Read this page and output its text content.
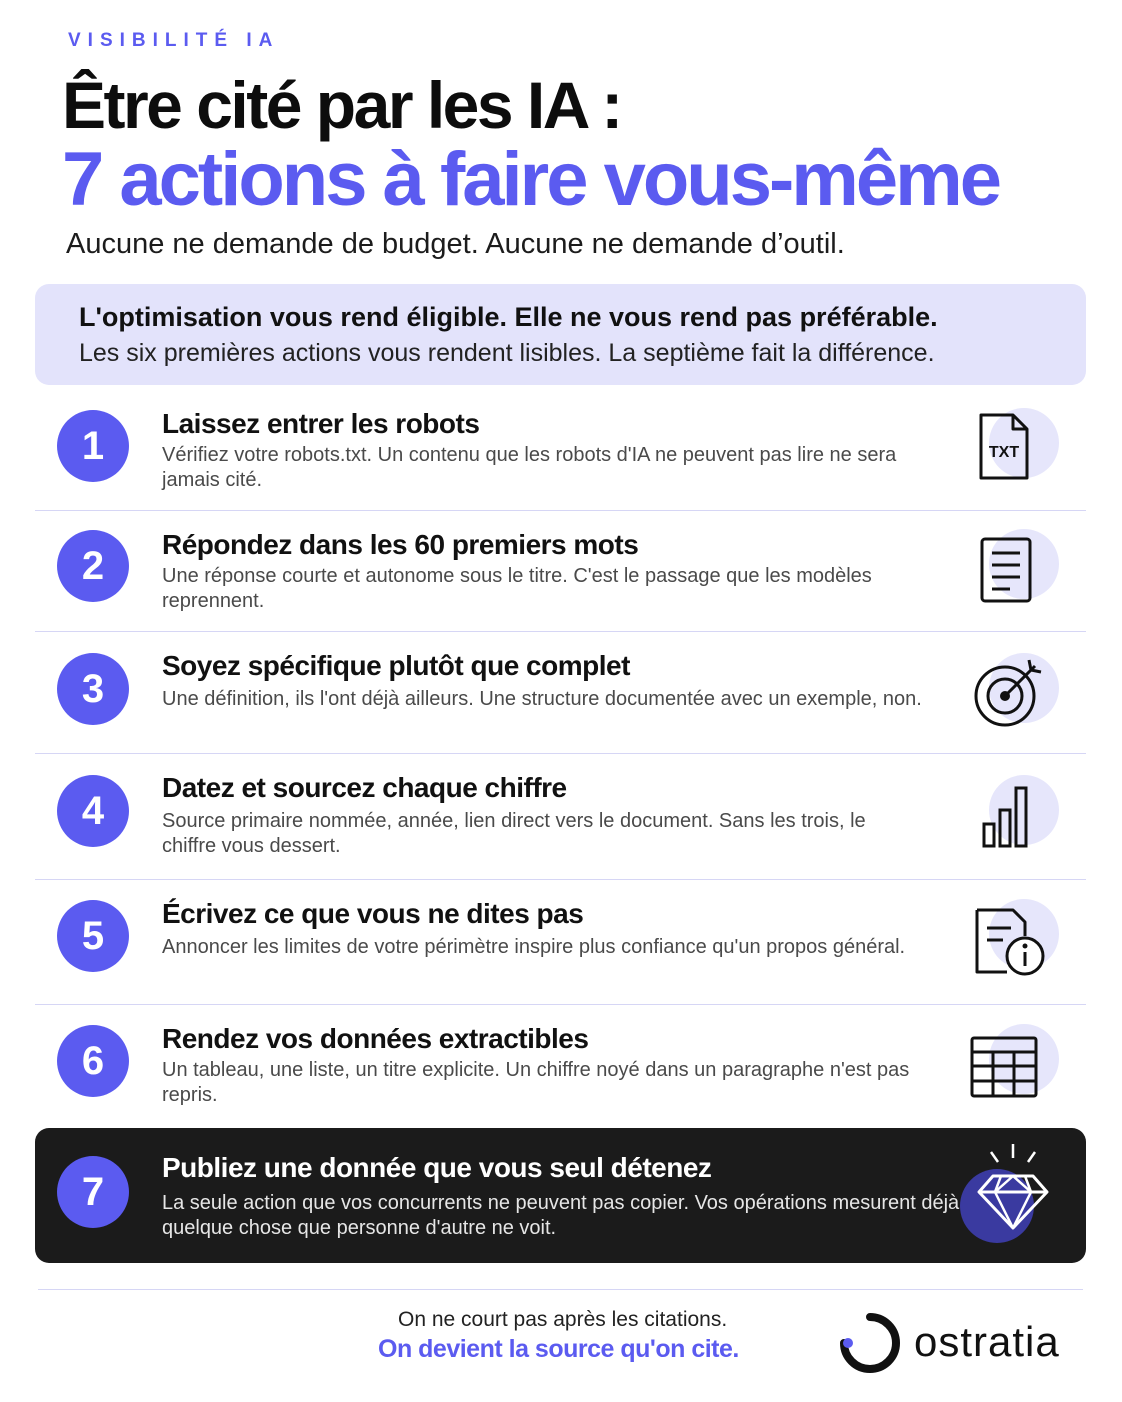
VISIBILITÉ IA
Être cité par les IA :
7 actions à faire vous-même

Aucune ne demande de budget. Aucune ne demande d’outil.

L'optimisation vous rend éligible. Elle ne vous rend pas préférable.
Les six premières actions vous rendent lisibles. La septième fait la différence.
1	Laissez entrer les robots
Vérifiez votre robots.txt. Un contenu que les robots d'IA ne peuvent pas lire ne sera jamais cité.
TXT
2	Répondez dans les 60 premiers mots
Une réponse courte et autonome sous le titre. C'est le passage que les modèles reprennent.
3
Soyez spécifique plutôt que complet
Une définition, ils l'ont déjà ailleurs. Une structure documentée avec un exemple, non.
4
Datez et sourcez chaque chiffre
Source primaire nommée, année, lien direct vers le document. Sans les trois, le chiffre vous dessert.
5	Écrivez ce que vous ne dites pas
Annoncer les limites de votre périmètre inspire plus confiance qu'un propos général.
6	Rendez vos données extractibles
Un tableau, une liste, un titre explicite. Un chiffre noyé dans un paragraphe n'est pas repris.
7
Publiez une donnée que vous seul détenez
La seule action que vos concurrents ne peuvent pas copier. Vos opérations mesurent déjà quelque chose que personne d'autre ne voit.
On ne court pas après les citations.
On devient la source qu'on cite.	ostratia
